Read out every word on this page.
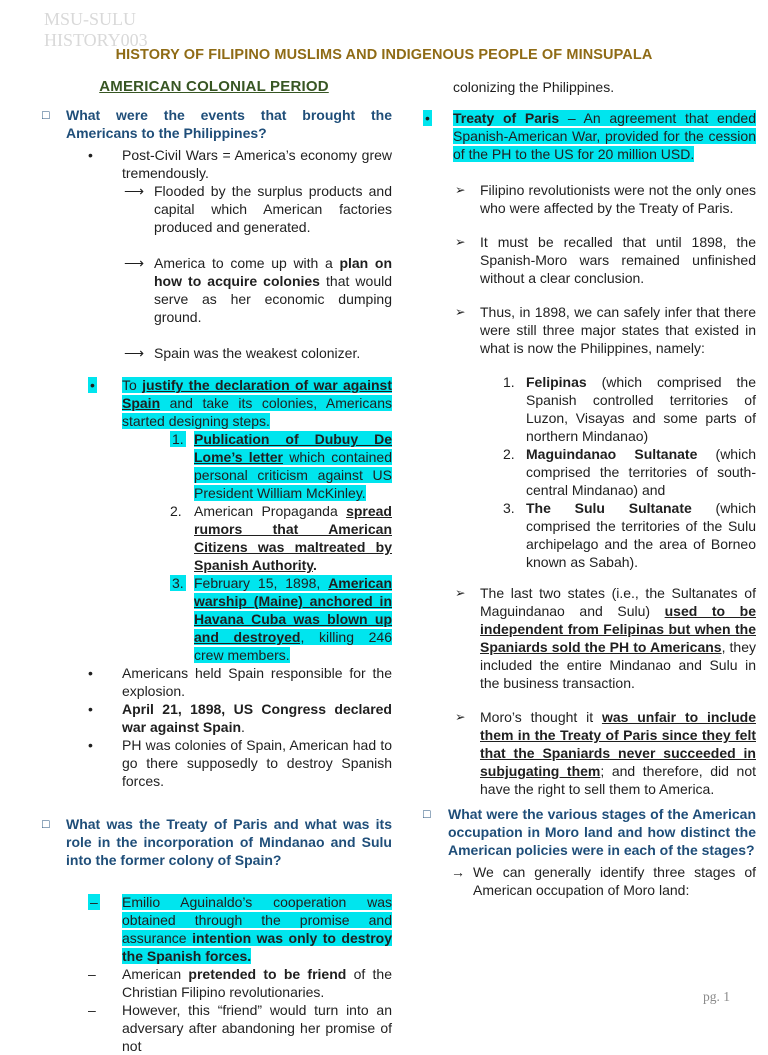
MSU-SULU
HISTORY003
HISTORY OF FILIPINO MUSLIMS AND INDIGENOUS PEOPLE OF MINSUPALA
AMERICAN COLONIAL PERIOD
□	What were the events that brought the Americans to the Philippines?
•	Post-Civil Wars = America’s economy grew tremendously.
⟶ Flooded by the surplus products and capital which American factories produced and generated.
⟶ America to come up with a plan on how to acquire colonies that would serve as her economic dumping ground.
⟶ Spain was the weakest colonizer.
•	To justify the declaration of war against Spain and take its colonies, Americans started designing steps.
1. Publication of Dubuy De Lome’s letter which contained personal criticism against US President William McKinley.
2. American Propaganda spread rumors that American Citizens was maltreated by Spanish Authority.
3. February 15, 1898, American warship (Maine) anchored in Havana Cuba was blown up and destroyed, killing 246 crew members.
•	Americans held Spain responsible for the explosion.
•	April 21, 1898, US Congress declared war against Spain.
•	PH was colonies of Spain, American had to go there supposedly to destroy Spanish forces.
□	What was the Treaty of Paris and what was its role in the incorporation of Mindanao and Sulu into the former colony of Spain?
–	Emilio Aguinaldo’s cooperation was obtained through the promise and assurance intention was only to destroy the Spanish forces.
–	American pretended to be friend of the Christian Filipino revolutionaries.
–	However, this “friend” would turn into an adversary after abandoning her promise of not
colonizing the Philippines.
•	Treaty of Paris – An agreement that ended Spanish-American War, provided for the cession of the PH to the US for 20 million USD.
➢	Filipino revolutionists were not the only ones who were affected by the Treaty of Paris.
➢	It must be recalled that until 1898, the Spanish-Moro wars remained unfinished without a clear conclusion.
➢	Thus, in 1898, we can safely infer that there were still three major states that existed in what is now the Philippines, namely:
1. Felipinas (which comprised the Spanish controlled territories of Luzon, Visayas and some parts of northern Mindanao)
2. Maguindanao Sultanate (which comprised the territories of south-central Mindanao) and
3. The Sulu Sultanate (which comprised the territories of the Sulu archipelago and the area of Borneo known as Sabah).
➢	The last two states (i.e., the Sultanates of Maguindanao and Sulu) used to be independent from Felipinas but when the Spaniards sold the PH to Americans, they included the entire Mindanao and Sulu in the business transaction.
➢	Moro’s thought it was unfair to include them in the Treaty of Paris since they felt that the Spaniards never succeeded in subjugating them; and therefore, did not have the right to sell them to America.
□	What were the various stages of the American occupation in Moro land and how distinct the American policies were in each of the stages?
→ We can generally identify three stages of American occupation of Moro land:
pg. 1
